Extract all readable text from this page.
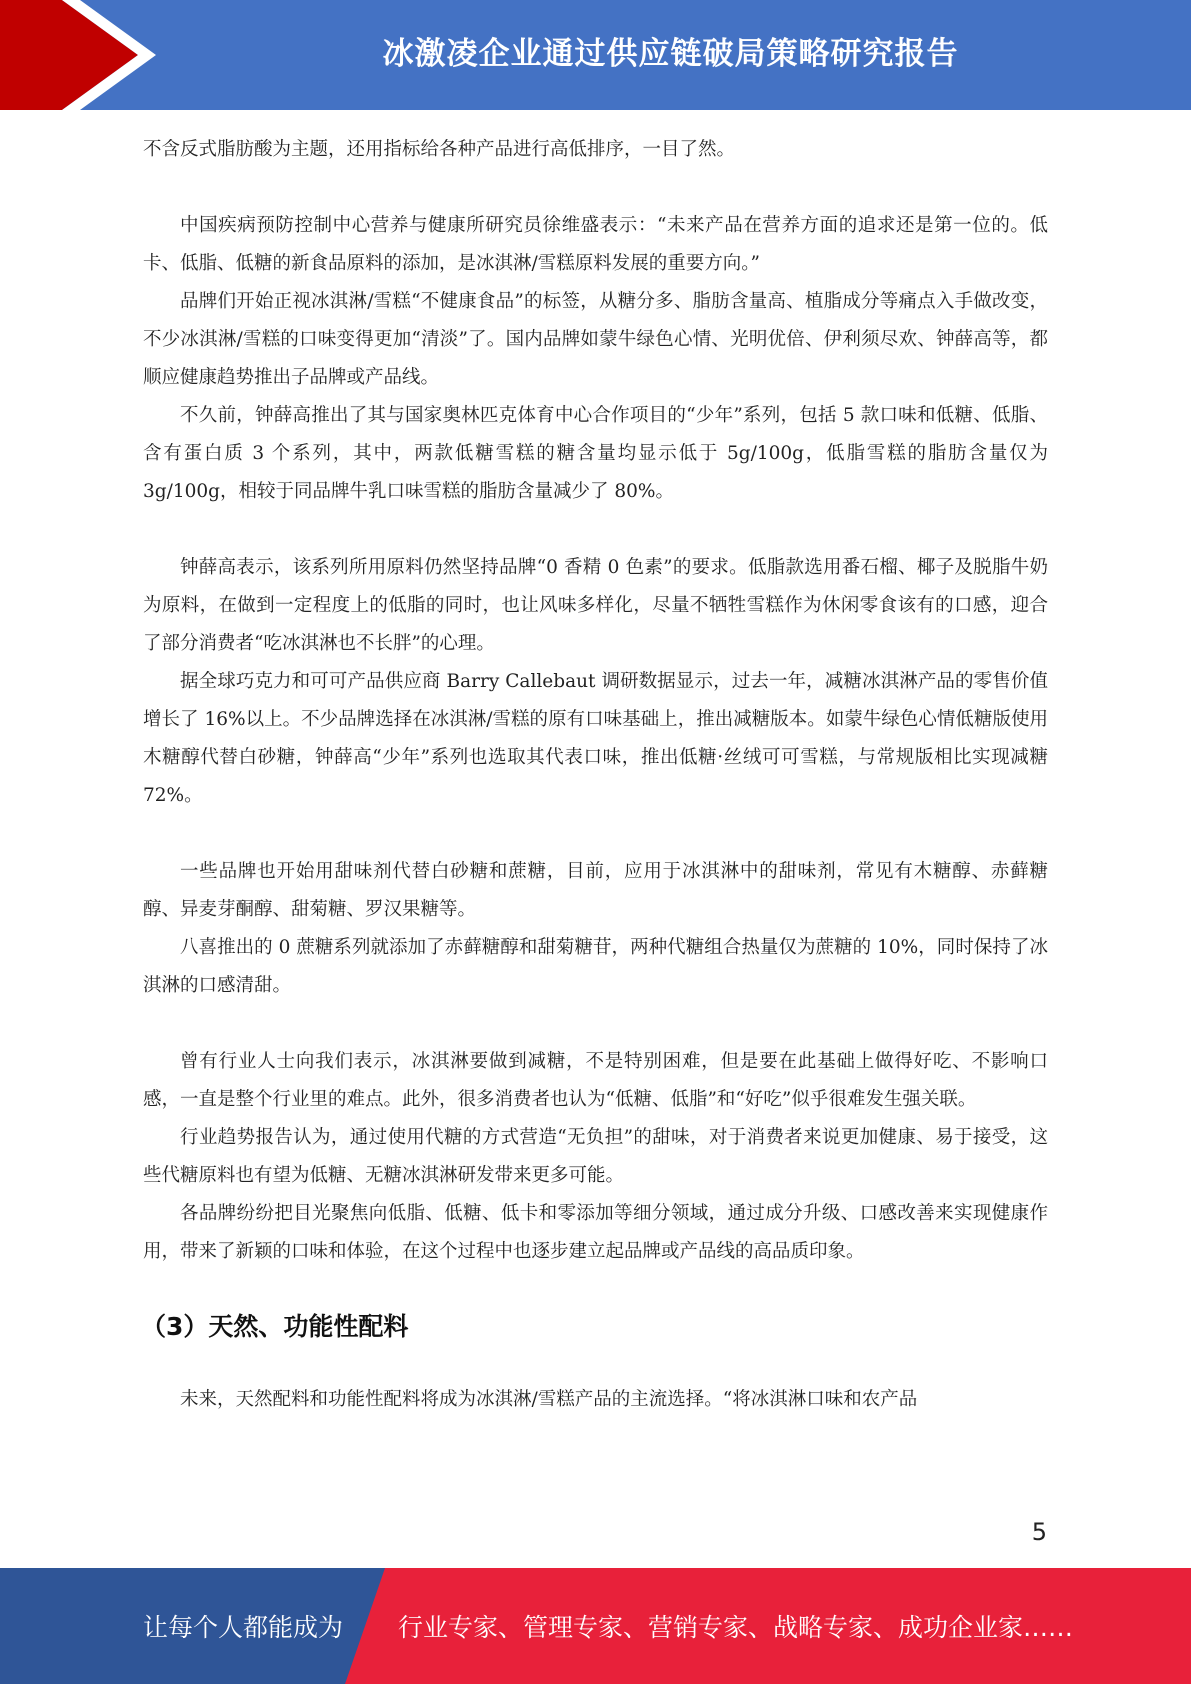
冰激凌企业通过供应链破局策略研究报告

不含反式脂肪酸为主题，还用指标给各种产品进行高低排序，一目了然。

中国疾病预防控制中心营养与健康所研究员徐维盛表示：“未来产品在营养方面的追求还是第一位的。低卡、低脂、低糖的新食品原料的添加，是冰淇淋/雪糕原料发展的重要方向。”

品牌们开始正视冰淇淋/雪糕“不健康食品”的标签，从糖分多、脂肪含量高、植脂成分等痛点入手做改变，不少冰淇淋/雪糕的口味变得更加“清淡”了。国内品牌如蒙牛绿色心情、光明优倍、伊利须尽欢、钟薛高等，都顺应健康趋势推出子品牌或产品线。

不久前，钟薛高推出了其与国家奥林匹克体育中心合作项目的“少年”系列，包括 5 款口味和低糖、低脂、含有蛋白质 3 个系列，其中，两款低糖雪糕的糖含量均显示低于 5g/100g，低脂雪糕的脂肪含量仅为 3g/100g，相较于同品牌牛乳口味雪糕的脂肪含量减少了 80%。

钟薛高表示，该系列所用原料仍然坚持品牌“0 香精 0 色素”的要求。低脂款选用番石榴、椰子及脱脂牛奶为原料，在做到一定程度上的低脂的同时，也让风味多样化，尽量不牺牲雪糕作为休闲零食该有的口感，迎合了部分消费者“吃冰淇淋也不长胖”的心理。

据全球巧克力和可可产品供应商 Barry Callebaut 调研数据显示，过去一年，减糖冰淇淋产品的零售价值增长了 16%以上。不少品牌选择在冰淇淋/雪糕的原有口味基础上，推出减糖版本。如蒙牛绿色心情低糖版使用木糖醇代替白砂糖，钟薛高“少年”系列也选取其代表口味，推出低糖·丝绒可可雪糕，与常规版相比实现减糖 72%。

一些品牌也开始用甜味剂代替白砂糖和蔗糖，目前，应用于冰淇淋中的甜味剂，常见有木糖醇、赤藓糖醇、异麦芽酮醇、甜菊糖、罗汉果糖等。

八喜推出的 0 蔗糖系列就添加了赤藓糖醇和甜菊糖苷，两种代糖组合热量仅为蔗糖的 10%，同时保持了冰淇淋的口感清甜。

曾有行业人士向我们表示，冰淇淋要做到减糖，不是特别困难，但是要在此基础上做得好吃、不影响口感，一直是整个行业里的难点。此外，很多消费者也认为“低糖、低脂”和“好吃”似乎很难发生强关联。

行业趋势报告认为，通过使用代糖的方式营造“无负担”的甜味，对于消费者来说更加健康、易于接受，这些代糖原料也有望为低糖、无糖冰淇淋研发带来更多可能。

各品牌纷纷把目光聚焦向低脂、低糖、低卡和零添加等细分领域，通过成分升级、口感改善来实现健康作用，带来了新颖的口味和体验，在这个过程中也逐步建立起品牌或产品线的高品质印象。

（3）天然、功能性配料

未来，天然配料和功能性配料将成为冰淇淋/雪糕产品的主流选择。“将冰淇淋口味和农产品

5
让每个人都能成为 行业专家、管理专家、营销专家、战略专家、成功企业家……
